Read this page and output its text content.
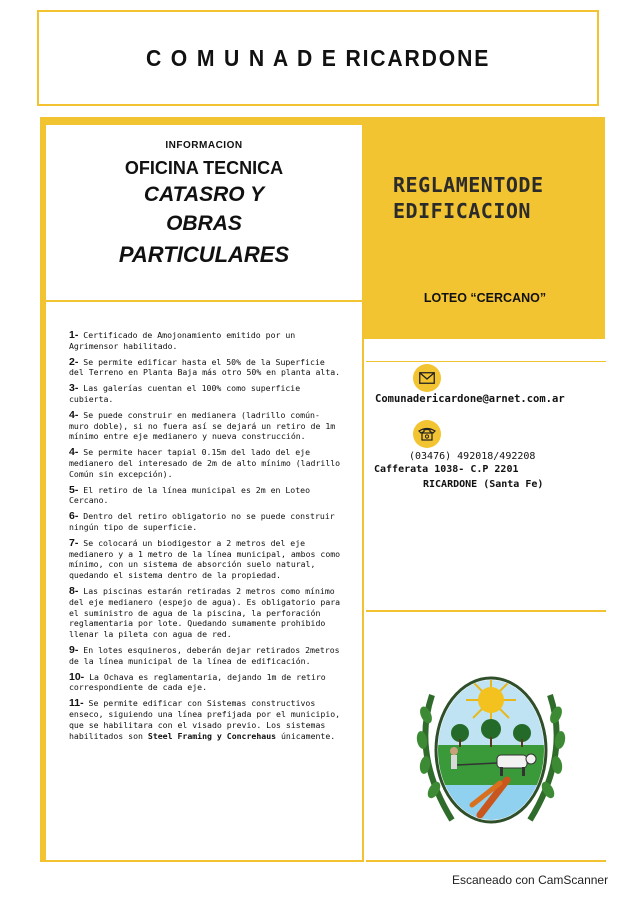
C O M U N A D E RICARDONE
INFORMACION
OFICINA TECNICA
CATASRO Y
OBRAS
PARTICULARES
REGLAMENTODE
EDIFICACION
LOTEO “CERCANO”
1- Certificado de Amojonamiento emitido por un Agrimensor habilitado.
2- Se permite edificar hasta el 50% de la Superficie del Terreno en Planta Baja más otro 50% en planta alta.
3- Las galerías cuentan el 100% como superficie cubierta.
4- Se puede construir en medianera (ladrillo común- muro doble), si no fuera así se dejará un retiro de 1m mínimo entre eje medianero y nueva construcción.
4- Se permite hacer tapial 0.15m del lado del eje medianero del interesado de 2m de alto mínimo (ladrillo Común sin excepción).
5- El retiro de la línea municipal es 2m en Loteo Cercano.
6- Dentro del retiro obligatorio no se puede construir ningún tipo de superficie.
7- Se colocará un biodigestor a 2 metros del eje medianero y a 1 metro de la línea municipal, ambos como mínimo, con un sistema de absorción suelo natural, quedando el sistema dentro de la propiedad.
8- Las piscinas estarán retiradas 2 metros como mínimo del eje medianero (espejo de agua). Es obligatorio para el suministro de agua de la piscina, la perforación reglamentaria por lote. Quedando sumamente prohibido llenar la pileta con agua de red.
9- En lotes esquineros, deberán dejar retirados 2metros de la línea municipal de la línea de edificación.
10- La Ochava es reglamentaria, dejando 1m de retiro correspondiente de cada eje.
11- Se permite edificar con Sistemas constructivos enseco, siguiendo una línea prefijada por el municipio, que se habilitara con el visado previo. Los sistemas habilitados son Steel Framing y Concrehaus únicamente.
Comunadericardone@arnet.com.ar
(03476) 492018/492208
Cafferata 1038- C.P 2201
RICARDONE (Santa Fe)
Escaneado con CamScanner
